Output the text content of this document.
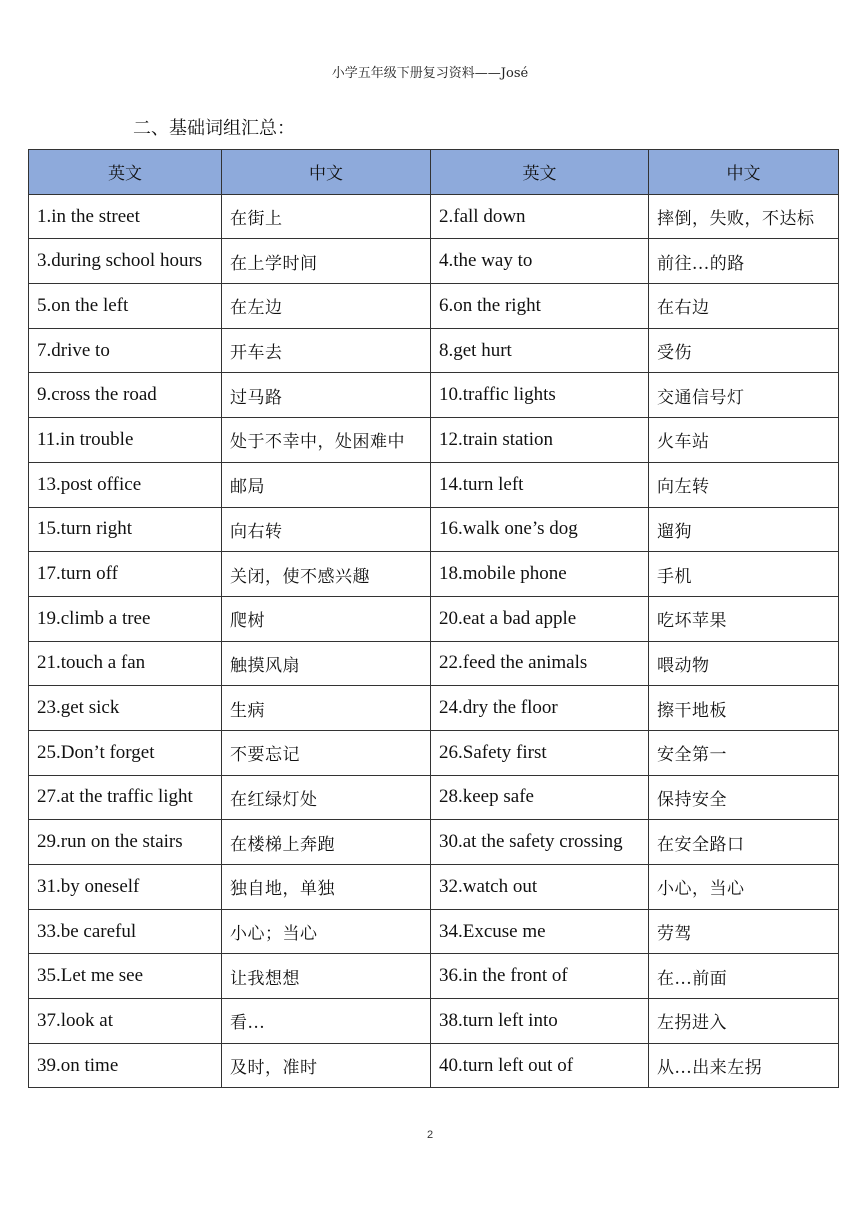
小学五年级下册复习资料——José
二、基础词组汇总：
英文	中文	英文	中文
1.in the street	在街上	2.fall down	摔倒，失败，不达标
3.during school hours	在上学时间	4.the way to	前往...的路
5.on the left	在左边	6.on the right	在右边
7.drive to	开车去	8.get hurt	受伤
9.cross the road	过马路	10.traffic lights	交通信号灯
11.in trouble	处于不幸中，处困难中	12.train station	火车站
13.post office	邮局	14.turn left	向左转
15.turn right	向右转	16.walk one’s dog	遛狗
17.turn off	关闭，使不感兴趣	18.mobile phone	手机
19.climb a tree	爬树	20.eat a bad apple	吃坏苹果
21.touch a fan	触摸风扇	22.feed the animals	喂动物
23.get sick	生病	24.dry the floor	擦干地板
25.Don’t forget	不要忘记	26.Safety first	安全第一
27.at the traffic light	在红绿灯处	28.keep safe	保持安全
29.run on the stairs	在楼梯上奔跑	30.at the safety crossing	在安全路口
31.by oneself	独自地，单独	32.watch out	小心，当心
33.be careful	小心；当心	34.Excuse me	劳驾
35.Let me see	让我想想	36.in the front of	在...前面
37.look at	看...	38.turn left into	左拐进入
39.on time	及时，准时	40.turn left out of	从...出来左拐
2
